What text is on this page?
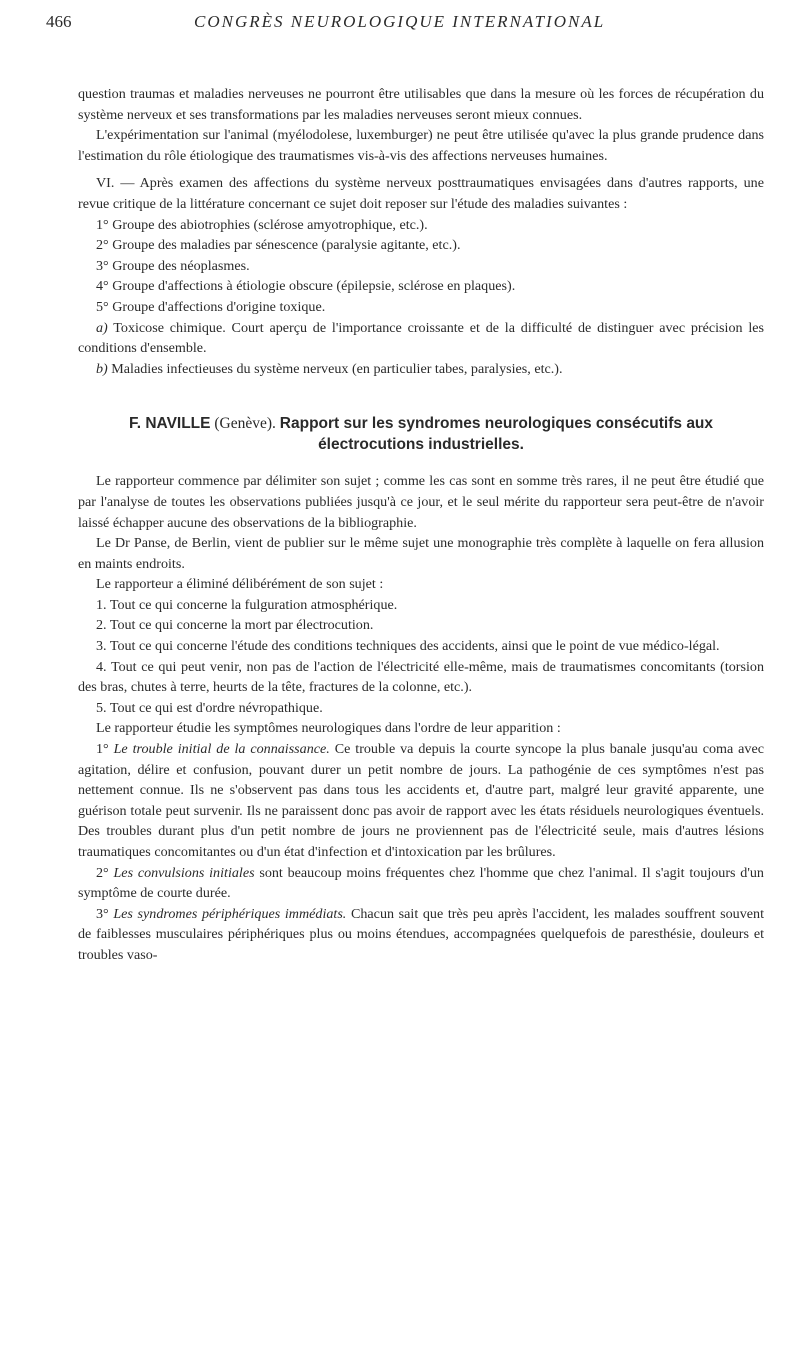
466	CONGRÈS NEUROLOGIQUE INTERNATIONAL

question traumas et maladies nerveuses ne pourront être utilisables que dans la mesure où les forces de récupération du système nerveux et ses transformations par les maladies nerveuses seront mieux connues.

L'expérimentation sur l'animal (myélodolese, luxemburger) ne peut être utilisée qu'avec la plus grande prudence dans l'estimation du rôle étiologique des traumatismes vis-à-vis des affections nerveuses humaines.

VI. — Après examen des affections du système nerveux posttraumatiques envisagées dans d'autres rapports, une revue critique de la littérature concernant ce sujet doit reposer sur l'étude des maladies suivantes :

1° Groupe des abiotrophies (sclérose amyotrophique, etc.).

2° Groupe des maladies par sénescence (paralysie agitante, etc.).

3° Groupe des néoplasmes.

4° Groupe d'affections à étiologie obscure (épilepsie, sclérose en plaques).

5° Groupe d'affections d'origine toxique.

a) Toxicose chimique. Court aperçu de l'importance croissante et de la difficulté de distinguer avec précision les conditions d'ensemble.

b) Maladies infectieuses du système nerveux (en particulier tabes, paralysies, etc.).

F. NAVILLE (Genève). Rapport sur les syndromes neurologiques consécutifs aux électrocutions industrielles.

Le rapporteur commence par délimiter son sujet ; comme les cas sont en somme très rares, il ne peut être étudié que par l'analyse de toutes les observations publiées jusqu'à ce jour, et le seul mérite du rapporteur sera peut-être de n'avoir laissé échapper aucune des observations de la bibliographie.

Le Dr Panse, de Berlin, vient de publier sur le même sujet une monographie très complète à laquelle on fera allusion en maints endroits.

Le rapporteur a éliminé délibérément de son sujet :

1. Tout ce qui concerne la fulguration atmosphérique.

2. Tout ce qui concerne la mort par électrocution.

3. Tout ce qui concerne l'étude des conditions techniques des accidents, ainsi que le point de vue médico-légal.

4. Tout ce qui peut venir, non pas de l'action de l'électricité elle-même, mais de traumatismes concomitants (torsion des bras, chutes à terre, heurts de la tête, fractures de la colonne, etc.).

5. Tout ce qui est d'ordre névropathique.

Le rapporteur étudie les symptômes neurologiques dans l'ordre de leur apparition :

1° Le trouble initial de la connaissance. Ce trouble va depuis la courte syncope la plus banale jusqu'au coma avec agitation, délire et confusion, pouvant durer un petit nombre de jours. La pathogénie de ces symptômes n'est pas nettement connue. Ils ne s'observent pas dans tous les accidents et, d'autre part, malgré leur gravité apparente, une guérison totale peut survenir. Ils ne paraissent donc pas avoir de rapport avec les états résiduels neurologiques éventuels. Des troubles durant plus d'un petit nombre de jours ne proviennent pas de l'électricité seule, mais d'autres lésions traumatiques concomitantes ou d'un état d'infection et d'intoxication par les brûlures.

2° Les convulsions initiales sont beaucoup moins fréquentes chez l'homme que chez l'animal. Il s'agit toujours d'un symptôme de courte durée.

3° Les syndromes périphériques immédiats. Chacun sait que très peu après l'accident, les malades souffrent souvent de faiblesses musculaires périphériques plus ou moins étendues, accompagnées quelquefois de paresthésie, douleurs et troubles vaso-
